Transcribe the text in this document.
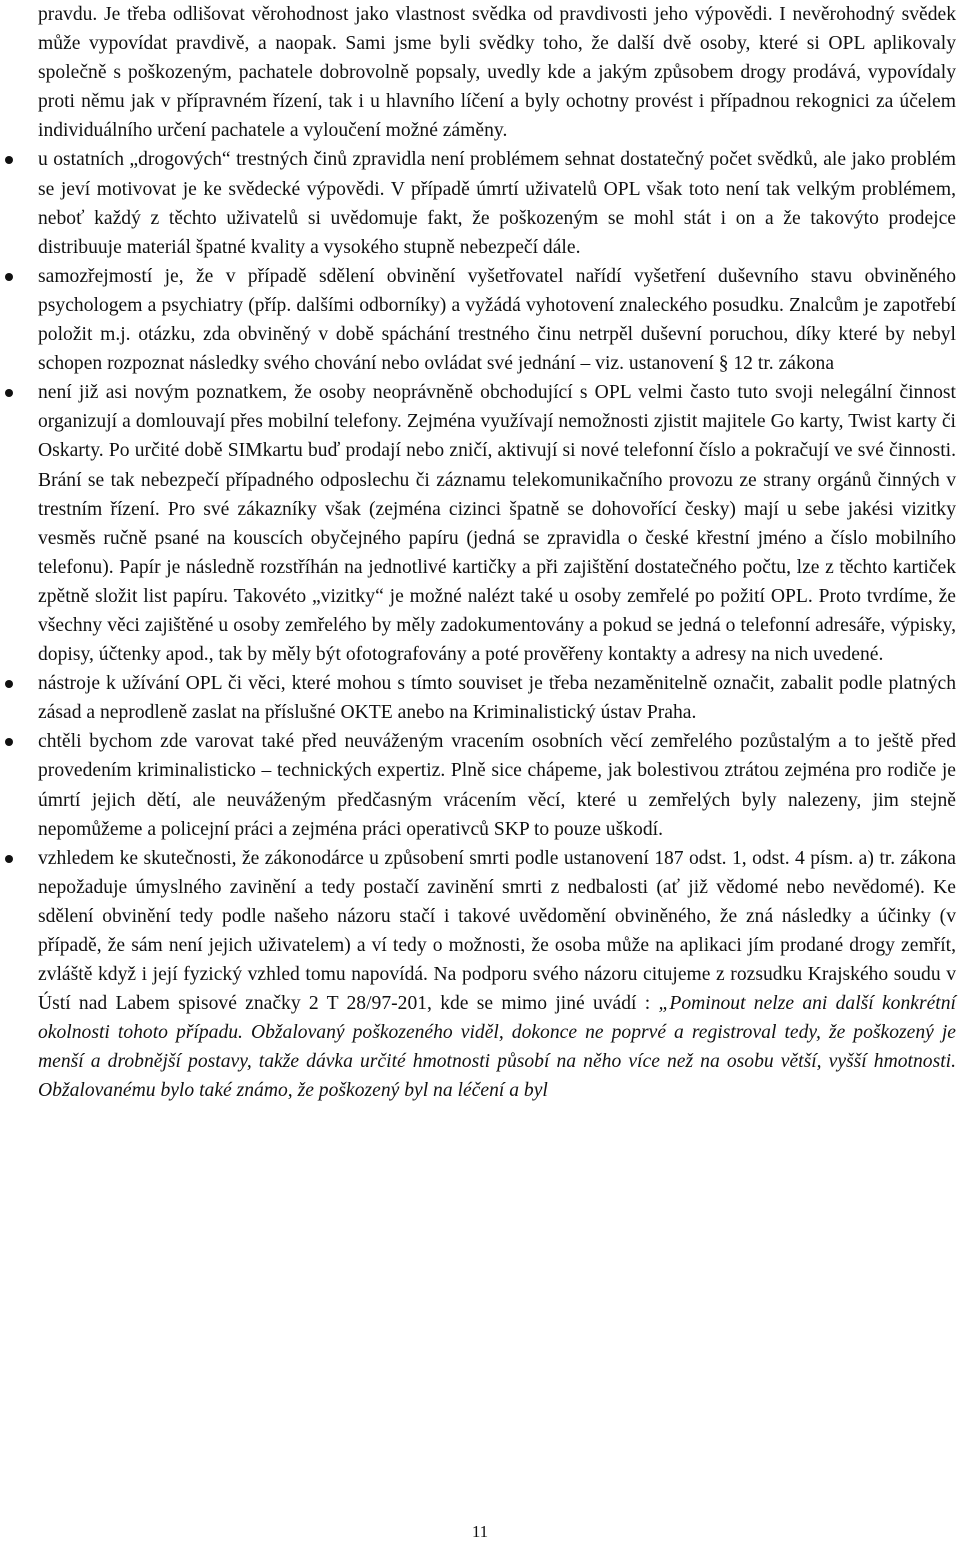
pravdu. Je třeba odlišovat věrohodnost jako vlastnost svědka od pravdivosti jeho výpovědi. I nevěrohodný svědek může vypovídat pravdivě, a naopak. Sami jsme byli svědky toho, že další dvě osoby, které si OPL aplikovaly společně s poškozeným, pachatele dobrovolně popsaly, uvedly kde a jakým způsobem drogy prodává, vypovídaly proti němu jak v přípravném řízení, tak i u hlavního líčení a byly ochotny provést i případnou rekognici za účelem individuálního určení pachatele a vyloučení možné záměny.

u ostatních „drogových“ trestných činů zpravidla není problémem sehnat dostatečný počet svědků, ale jako problém se jeví motivovat je ke svědecké výpovědi. V případě úmrtí uživatelů OPL však toto není tak velkým problémem, neboť každý z těchto uživatelů si uvědomuje fakt, že poškozeným se mohl stát i on a že takovýto prodejce distribuuje materiál špatné kvality a vysokého stupně nebezpečí dále.
samozřejmostí je, že v případě sdělení obvinění vyšetřovatel nařídí vyšetření duševního stavu obviněného psychologem a psychiatry (příp. dalšími odborníky) a vyžádá vyhotovení znaleckého posudku. Znalcům je zapotřebí položit m.j. otázku, zda obviněný v době spáchání trestného činu netrpěl duševní poruchou, díky které by nebyl schopen rozpoznat následky svého chování nebo ovládat své jednání – viz. ustanovení § 12 tr. zákona
není již asi novým poznatkem, že osoby neoprávněně obchodující s OPL velmi často tuto svoji nelegální činnost organizují a domlouvají přes mobilní telefony. Zejména využívají nemožnosti zjistit majitele Go karty, Twist karty či Oskarty. Po určité době SIMkartu buď prodají nebo zničí, aktivují si nové telefonní číslo a pokračují ve své činnosti. Brání se tak nebezpečí případného odposlechu či záznamu telekomunikačního provozu ze strany orgánů činných v trestním řízení. Pro své zákazníky však (zejména cizinci špatně se dohovořící česky) mají u sebe jakési vizitky vesměs ručně psané na kouscích obyčejného papíru (jedná se zpravidla o české křestní jméno a číslo mobilního telefonu). Papír je následně rozstříhán na jednotlivé kartičky a při zajištění dostatečného počtu, lze z těchto kartiček zpětně složit list papíru. Takovéto „vizitky“ je možné nalézt také u osoby zemřelé po požití OPL. Proto tvrdíme, že všechny věci zajištěné u osoby zemřelého by měly zadokumentovány a pokud se jedná o telefonní adresáře, výpisky, dopisy, účtenky apod., tak by měly být ofotografovány a poté prověřeny kontakty a adresy na nich uvedené.
nástroje k užívání OPL či věci, které mohou s tímto souviset je třeba nezaměnitelně označit, zabalit podle platných zásad a neprodleně zaslat na příslušné OKTE anebo na Kriminalistický ústav Praha.
chtěli bychom zde varovat také před neuváženým vracením osobních věcí zemřelého pozůstalým a to ještě před provedením kriminalisticko – technických expertiz. Plně sice chápeme, jak bolestivou ztrátou zejména pro rodiče je úmrtí jejich dětí, ale neuváženým předčasným vrácením věcí, které u zemřelých byly nalezeny, jim stejně nepomůžeme a policejní práci a zejména práci operativců SKP to pouze uškodí.
vzhledem ke skutečnosti, že zákonodárce u způsobení smrti podle ustanovení 187 odst. 1, odst. 4 písm. a) tr. zákona nepožaduje úmyslného zavinění a tedy postačí zavinění smrti z nedbalosti (ať již vědomé nebo nevědomé). Ke sdělení obvinění tedy podle našeho názoru stačí i takové uvědomění obviněného, že zná následky a účinky (v případě, že sám není jejich uživatelem) a ví tedy o možnosti, že osoba může na aplikaci jím prodané drogy zemřít, zvláště když i její fyzický vzhled tomu napovídá. Na podporu svého názoru citujeme z rozsudku Krajského soudu v Ústí nad Labem spisové značky 2 T 28/97-201, kde se mimo jiné uvádí : „Pominout nelze ani další konkrétní okolnosti tohoto případu. Obžalovaný poškozeného viděl, dokonce ne poprvé a registroval tedy, že poškozený je menší a drobnější postavy, takže dávka určité hmotnosti působí na něho více než na osobu větší, vyšší hmotnosti. Obžalovanému bylo také známo, že poškozený byl na léčení a byl
11
